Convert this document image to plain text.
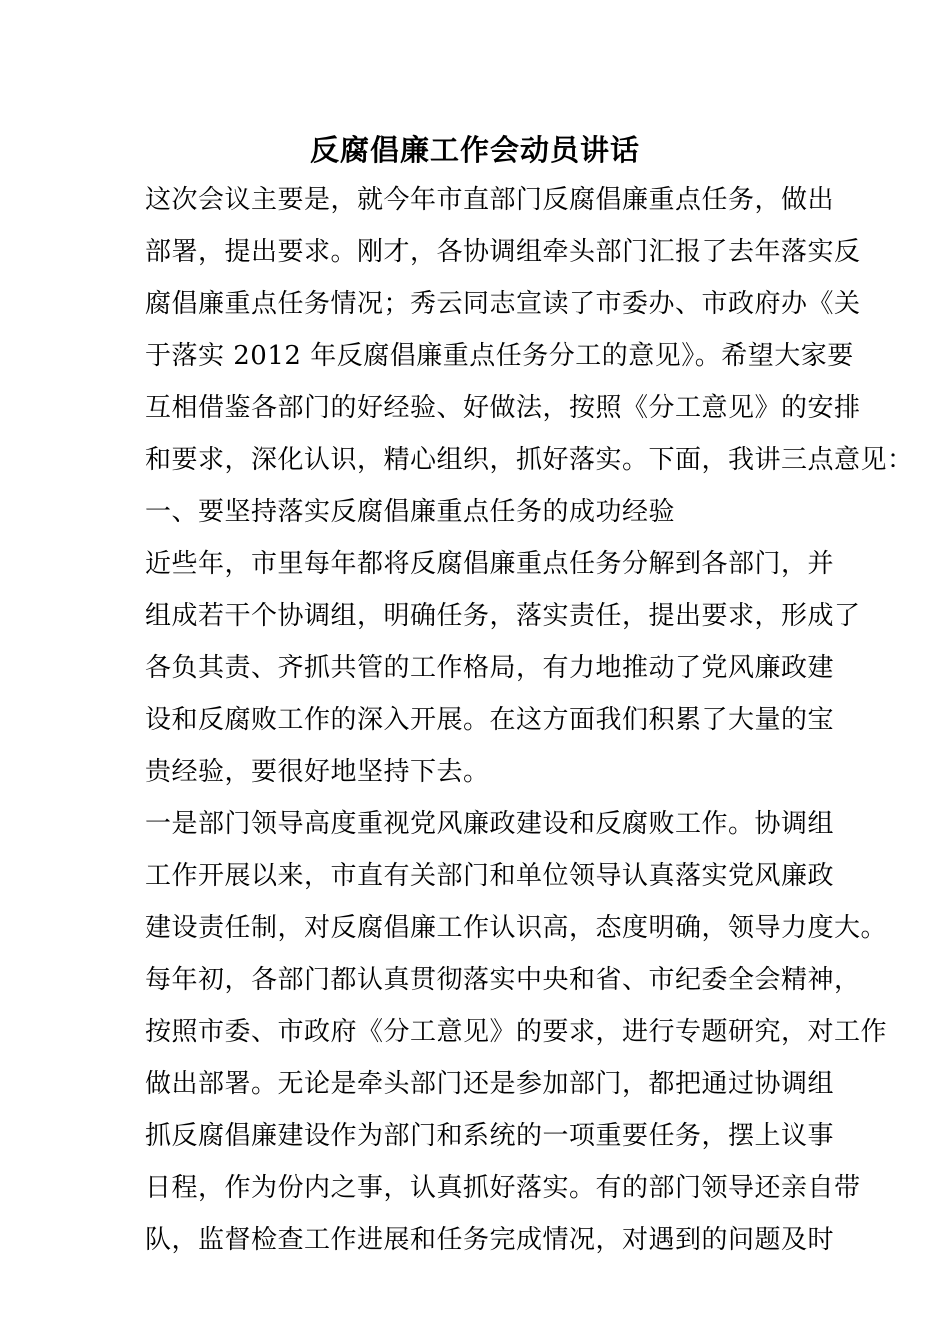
反腐倡廉工作会动员讲话
这次会议主要是，就今年市直部门反腐倡廉重点任务，做出
部署，提出要求。刚才，各协调组牵头部门汇报了去年落实反
腐倡廉重点任务情况；秀云同志宣读了市委办、市政府办《关
于落实 2012 年反腐倡廉重点任务分工的意见》。希望大家要
互相借鉴各部门的好经验、好做法，按照《分工意见》的安排
和要求，深化认识，精心组织，抓好落实。下面，我讲三点意见：
一、要坚持落实反腐倡廉重点任务的成功经验
近些年，市里每年都将反腐倡廉重点任务分解到各部门，并
组成若干个协调组，明确任务，落实责任，提出要求，形成了
各负其责、齐抓共管的工作格局，有力地推动了党风廉政建
设和反腐败工作的深入开展。在这方面我们积累了大量的宝
贵经验，要很好地坚持下去。
一是部门领导高度重视党风廉政建设和反腐败工作。协调组
工作开展以来，市直有关部门和单位领导认真落实党风廉政
建设责任制，对反腐倡廉工作认识高，态度明确，领导力度大。
每年初，各部门都认真贯彻落实中央和省、市纪委全会精神，
按照市委、市政府《分工意见》的要求，进行专题研究，对工作
做出部署。无论是牵头部门还是参加部门，都把通过协调组
抓反腐倡廉建设作为部门和系统的一项重要任务，摆上议事
日程，作为份内之事，认真抓好落实。有的部门领导还亲自带
队，监督检查工作进展和任务完成情况，对遇到的问题及时
